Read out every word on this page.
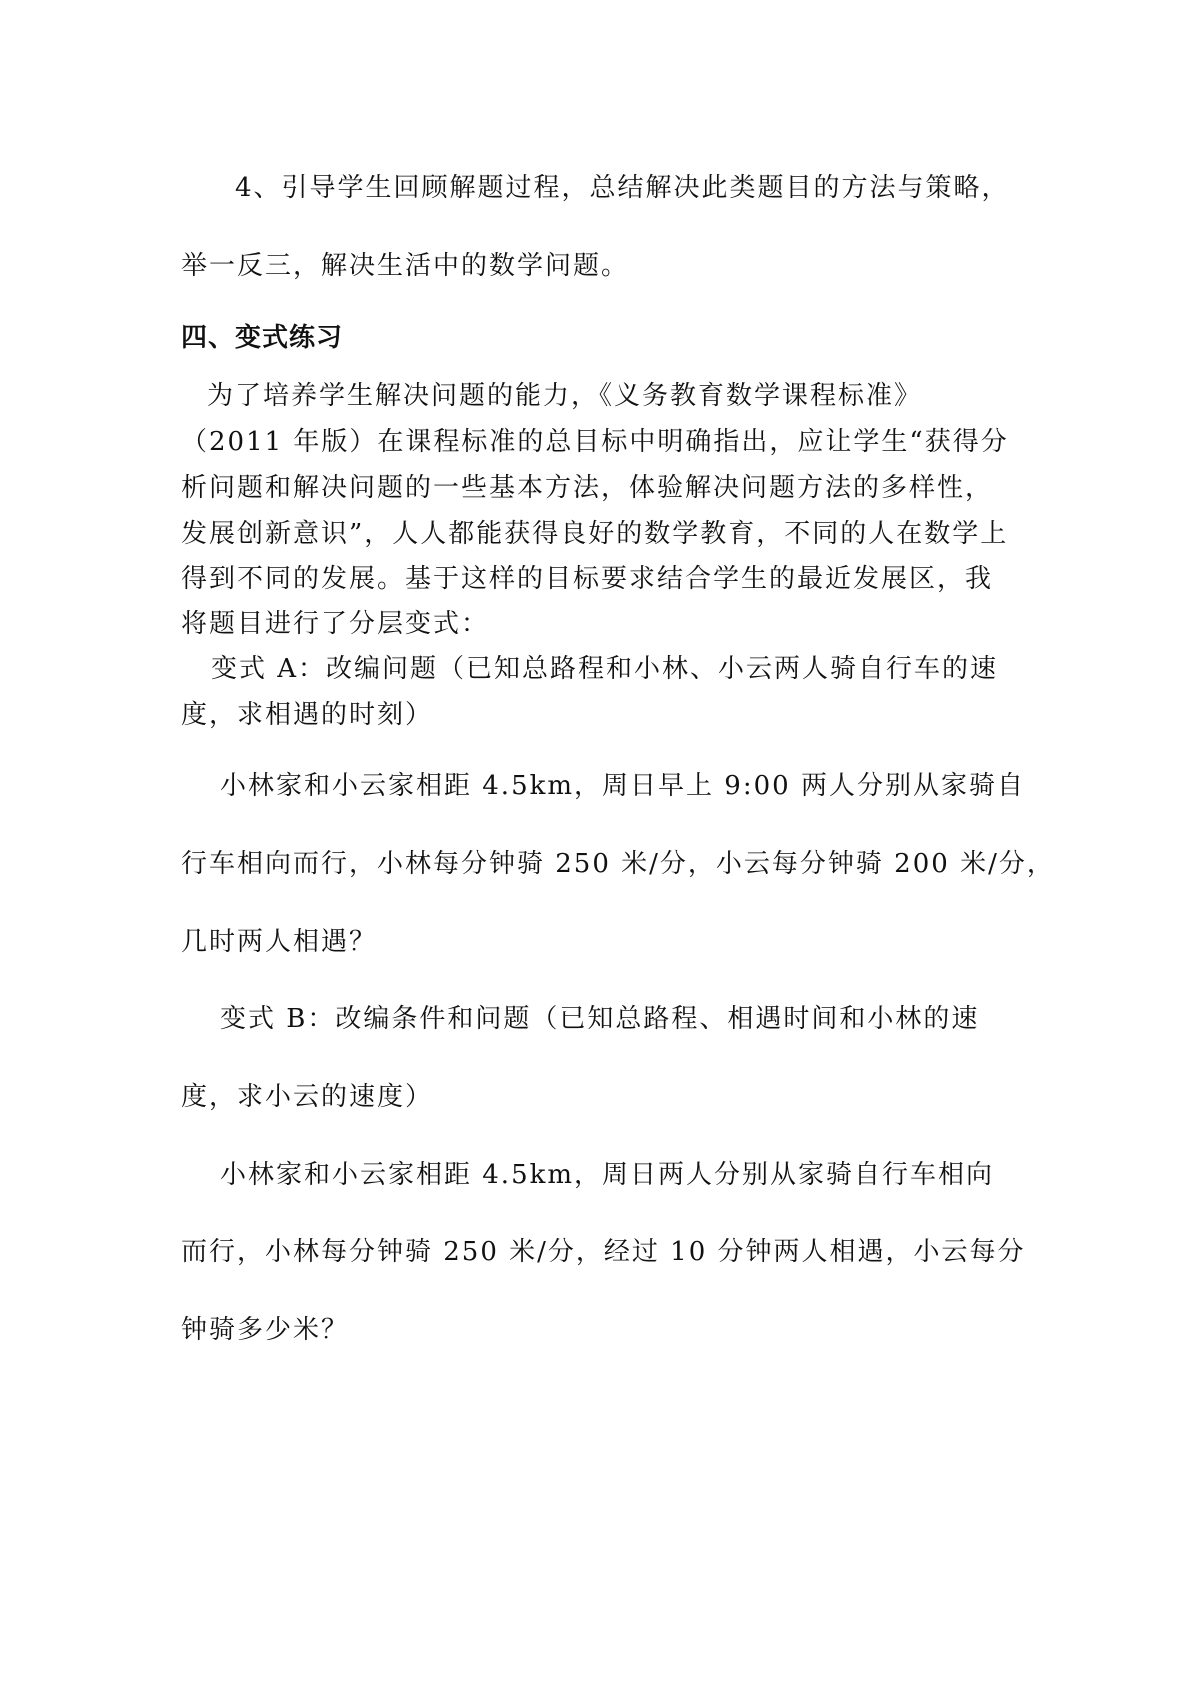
4、引导学生回顾解题过程，总结解决此类题目的方法与策略，
举一反三，解决生活中的数学问题。
四、变式练习
为了培养学生解决问题的能力，《义务教育数学课程标准》
（2011 年版）在课程标准的总目标中明确指出，应让学生“获得分
析问题和解决问题的一些基本方法，体验解决问题方法的多样性，
发展创新意识”，人人都能获得良好的数学教育，不同的人在数学上
得到不同的发展。基于这样的目标要求结合学生的最近发展区，我
将题目进行了分层变式：
变式 A：改编问题（已知总路程和小林、小云两人骑自行车的速
度，求相遇的时刻）
小林家和小云家相距 4.5km，周日早上 9:00 两人分别从家骑自
行车相向而行，小林每分钟骑 250 米/分，小云每分钟骑 200 米/分，
几时两人相遇？
变式 B：改编条件和问题（已知总路程、相遇时间和小林的速
度，求小云的速度）
小林家和小云家相距 4.5km，周日两人分别从家骑自行车相向
而行，小林每分钟骑 250 米/分，经过 10 分钟两人相遇，小云每分
钟骑多少米？
